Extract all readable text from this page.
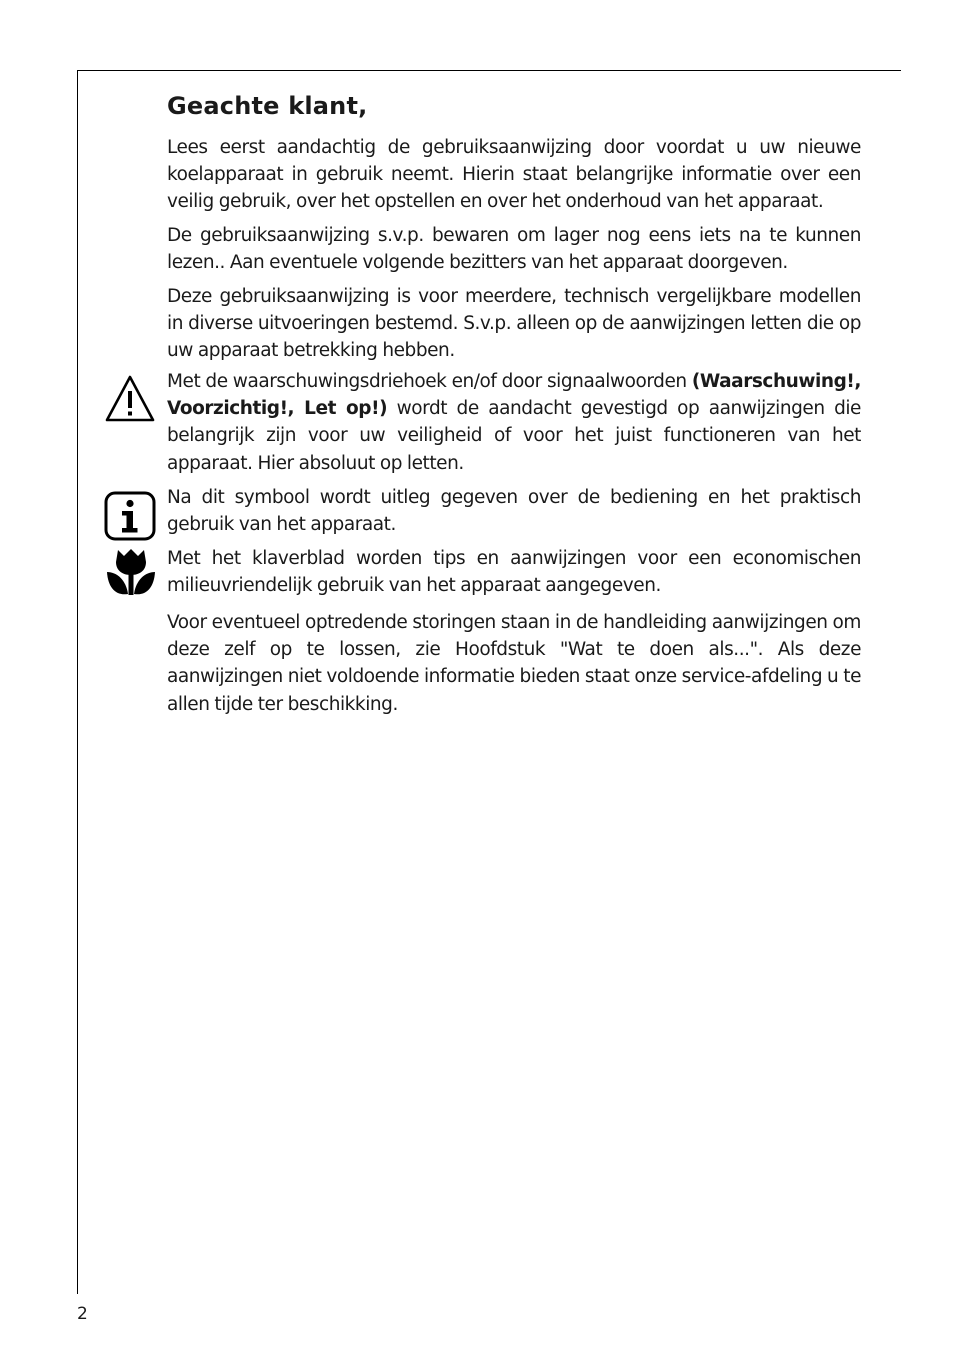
Geachte klant,

Lees eerst aandachtig de gebruiksaanwijzing door voordat u uw nieuwe koelapparaat in gebruik neemt. Hierin staat belangrijke informatie over een veilig gebruik, over het opstellen en over het onderhoud van het apparaat.

De gebruiksaanwijzing s.v.p. bewaren om lager nog eens iets na te kunnen lezen.. Aan eventuele volgende bezitters van het apparaat doorgeven.

Deze gebruiksaanwijzing is voor meerdere, technisch vergelijkbare modellen in diverse uitvoeringen bestemd. S.v.p. alleen op de aanwijzingen letten die op uw apparaat betrekking hebben.

Met de waarschuwingsdriehoek en/of door signaalwoorden (Waarschuwing!, Voorzichtig!, Let op!) wordt de aandacht gevestigd op aanwijzingen die belangrijk zijn voor uw veiligheid of voor het juist functioneren van het apparaat. Hier absoluut op letten.

Na dit symbool wordt uitleg gegeven over de bediening en het praktisch gebruik van het apparaat.

Met het klaverblad worden tips en aanwijzingen voor een economischen milieuvriendelijk gebruik van het apparaat aangegeven.

Voor eventueel optredende storingen staan in de handleiding aanwijzingen om deze zelf op te lossen, zie Hoofdstuk "Wat te doen als...". Als deze aanwijzingen niet voldoende informatie bieden staat onze service-afdeling u te allen tijde ter beschikking.

2
